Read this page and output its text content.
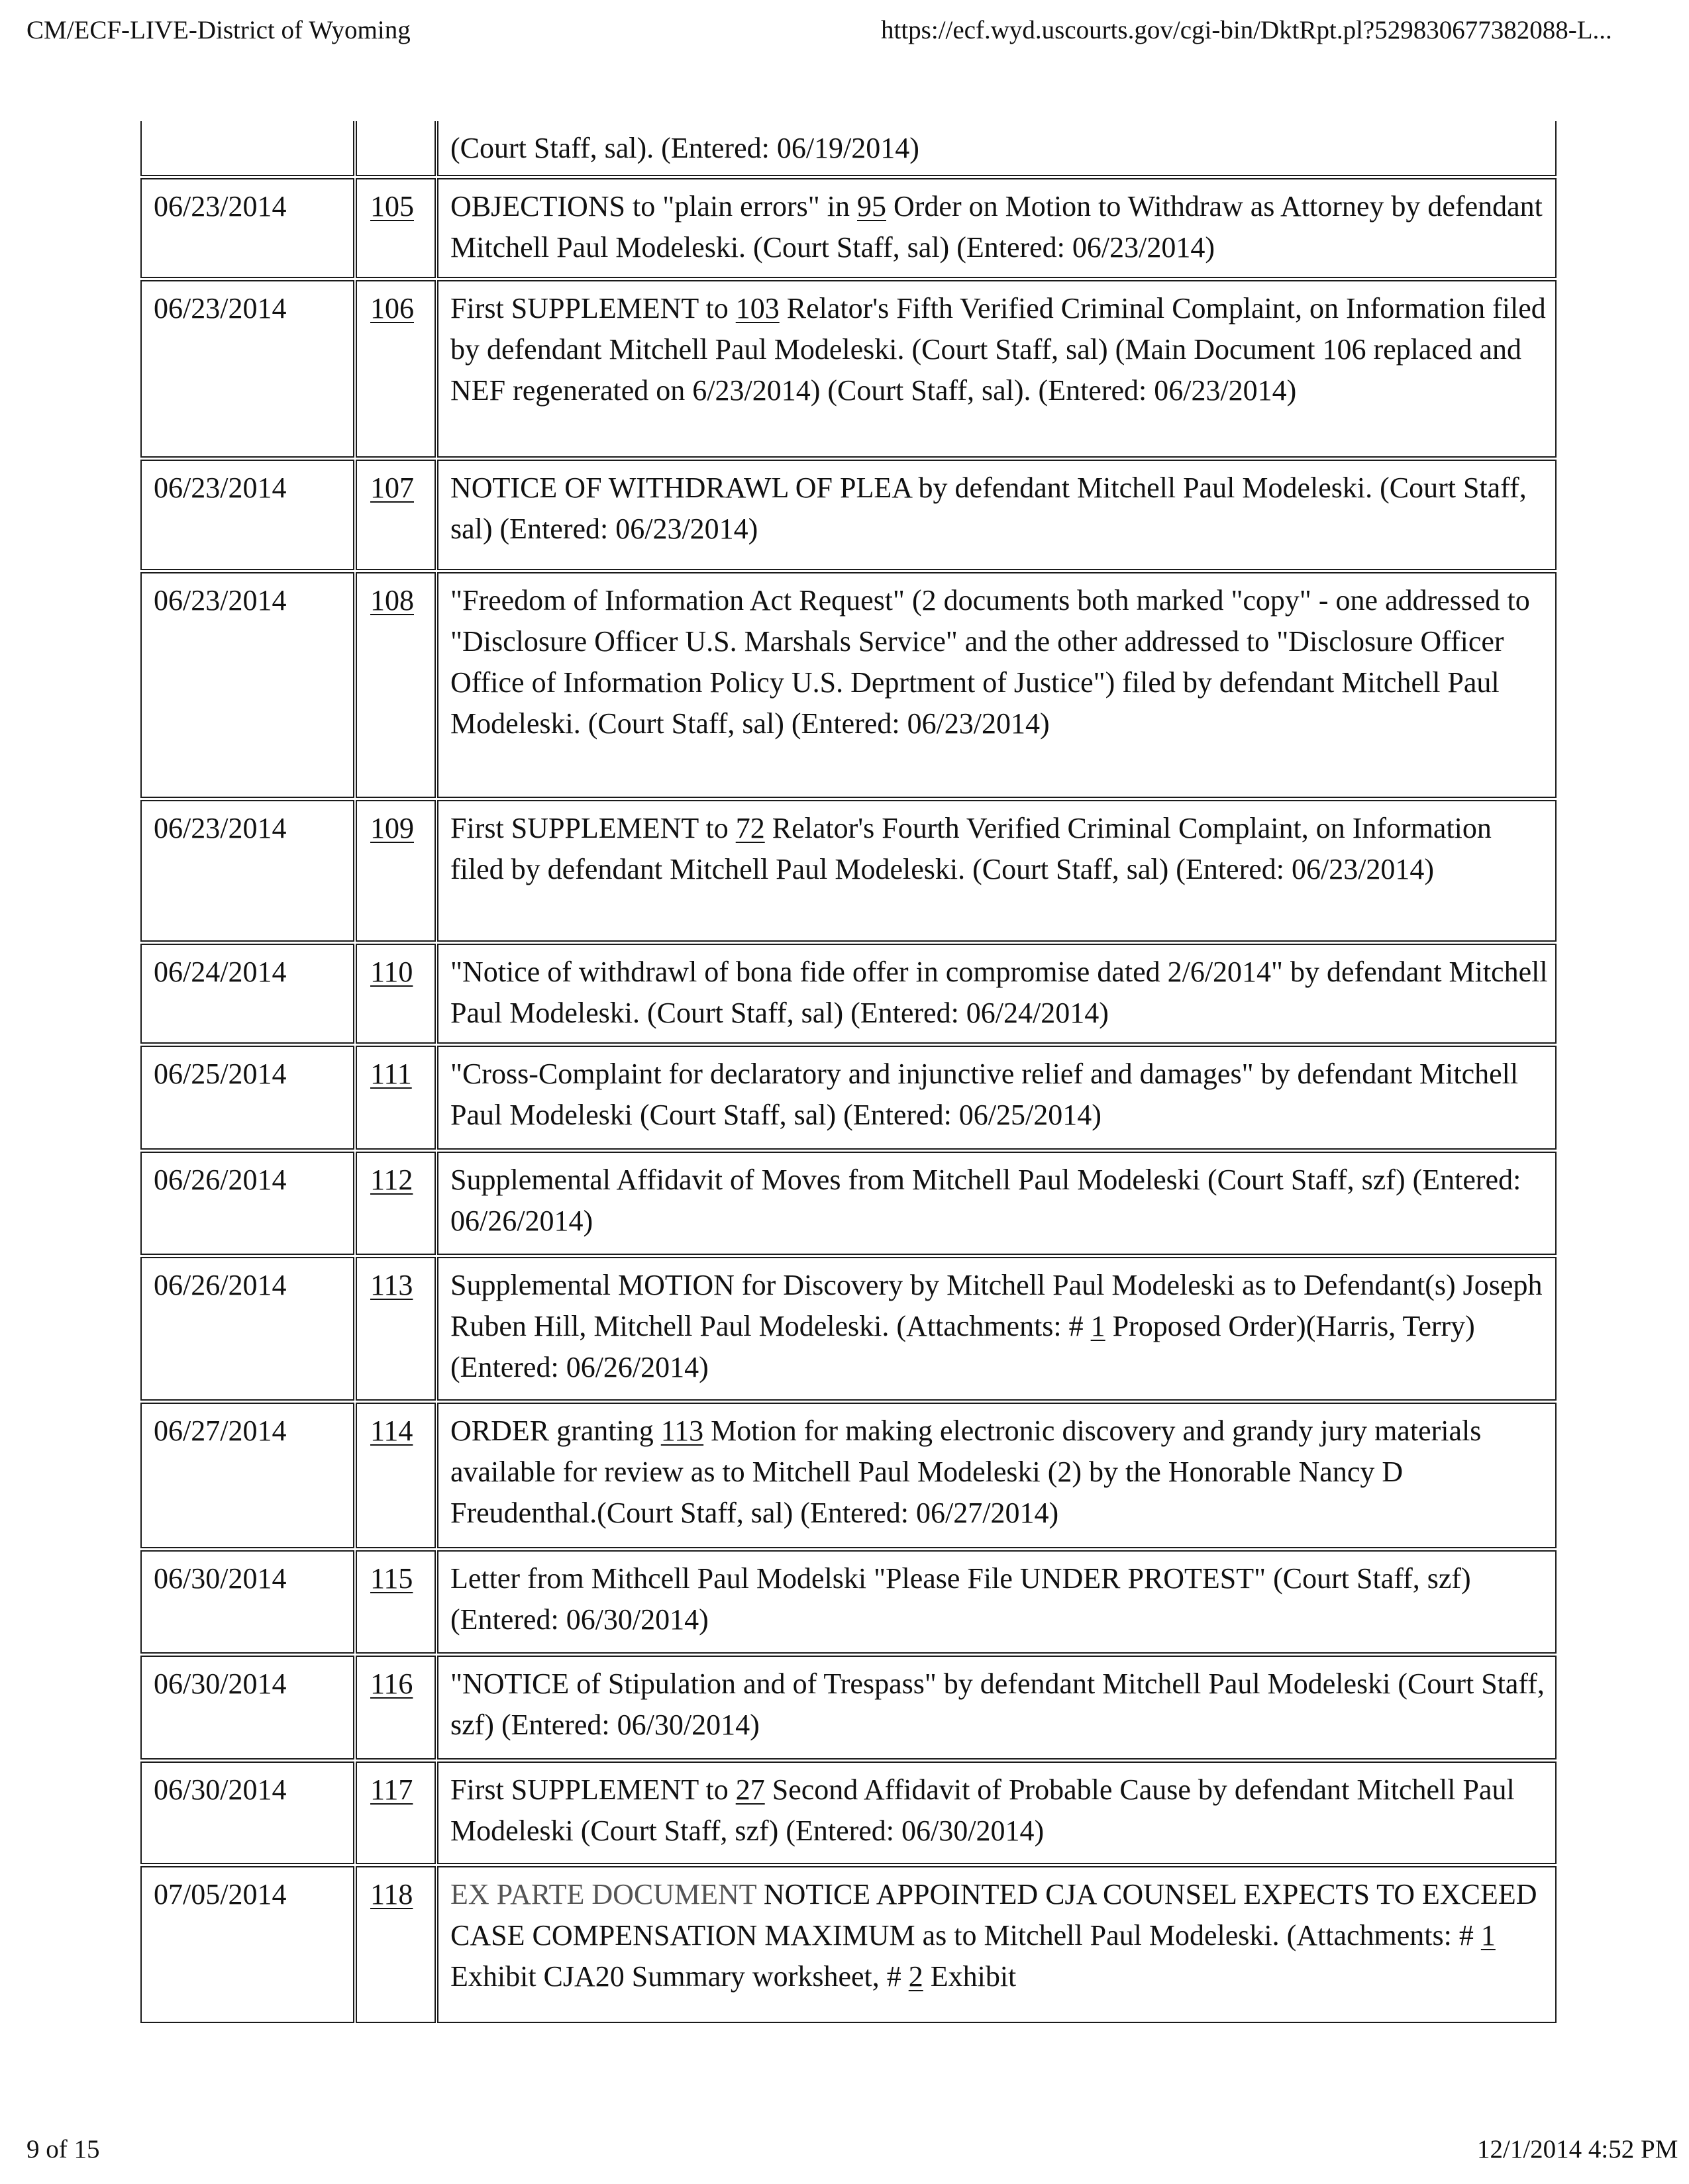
CM/ECF-LIVE-District of Wyoming	https://ecf.wyd.uscourts.gov/cgi-bin/DktRpt.pl?529830677382088-L...
(Court Staff, sal). (Entered: 06/19/2014)
06/23/2014	105	OBJECTIONS to "plain errors" in 95 Order on Motion to Withdraw as Attorney by defendant Mitchell Paul Modeleski. (Court Staff, sal) (Entered: 06/23/2014)
06/23/2014	106	First SUPPLEMENT to 103 Relator's Fifth Verified Criminal Complaint, on Information filed by defendant Mitchell Paul Modeleski. (Court Staff, sal) (Main Document 106 replaced and NEF regenerated on 6/23/2014) (Court Staff, sal). (Entered: 06/23/2014)
06/23/2014	107	NOTICE OF WITHDRAWL OF PLEA by defendant Mitchell Paul Modeleski. (Court Staff, sal) (Entered: 06/23/2014)
06/23/2014	108	"Freedom of Information Act Request" (2 documents both marked "copy" - one addressed to "Disclosure Officer U.S. Marshals Service" and the other addressed to "Disclosure Officer Office of Information Policy U.S. Deprtment of Justice") filed by defendant Mitchell Paul Modeleski. (Court Staff, sal) (Entered: 06/23/2014)
06/23/2014	109	First SUPPLEMENT to 72 Relator's Fourth Verified Criminal Complaint, on Information filed by defendant Mitchell Paul Modeleski. (Court Staff, sal) (Entered: 06/23/2014)
06/24/2014	110	"Notice of withdrawl of bona fide offer in compromise dated 2/6/2014" by defendant Mitchell Paul Modeleski. (Court Staff, sal) (Entered: 06/24/2014)
06/25/2014	111	"Cross-Complaint for declaratory and injunctive relief and damages" by defendant Mitchell Paul Modeleski (Court Staff, sal) (Entered: 06/25/2014)
06/26/2014	112	Supplemental Affidavit of Moves from Mitchell Paul Modeleski (Court Staff, szf) (Entered: 06/26/2014)
06/26/2014	113	Supplemental MOTION for Discovery by Mitchell Paul Modeleski as to Defendant(s) Joseph Ruben Hill, Mitchell Paul Modeleski. (Attachments: # 1 Proposed Order)(Harris, Terry) (Entered: 06/26/2014)
06/27/2014	114	ORDER granting 113 Motion for making electronic discovery and grandy jury materials available for review as to Mitchell Paul Modeleski (2) by the Honorable Nancy D Freudenthal.(Court Staff, sal) (Entered: 06/27/2014)
06/30/2014	115	Letter from Mithcell Paul Modelski "Please File UNDER PROTEST" (Court Staff, szf) (Entered: 06/30/2014)
06/30/2014	116	"NOTICE of Stipulation and of Trespass" by defendant Mitchell Paul Modeleski (Court Staff, szf) (Entered: 06/30/2014)
06/30/2014	117	First SUPPLEMENT to 27 Second Affidavit of Probable Cause by defendant Mitchell Paul Modeleski (Court Staff, szf) (Entered: 06/30/2014)
07/05/2014	118	EX PARTE DOCUMENT NOTICE APPOINTED CJA COUNSEL EXPECTS TO EXCEED CASE COMPENSATION MAXIMUM as to Mitchell Paul Modeleski. (Attachments: # 1 Exhibit CJA20 Summary worksheet, # 2 Exhibit
9 of 15	12/1/2014 4:52 PM
